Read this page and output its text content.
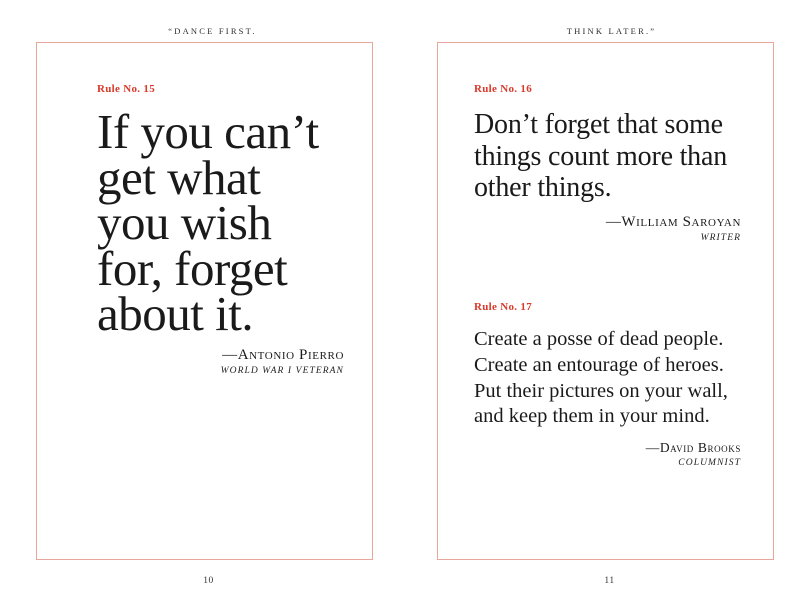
“DANCE FIRST.
Rule No. 15
If you can’t get what you wish for, forget about it.
—Antonio Pierro
WORLD WAR I VETERAN
10
THINK LATER.”
Rule No. 16
Don’t forget that some things count more than other things.
—William Saroyan
WRITER
Rule No. 17
Create a posse of dead people. Create an entourage of heroes. Put their pictures on your wall, and keep them in your mind.
—David Brooks
COLUMNIST
11
